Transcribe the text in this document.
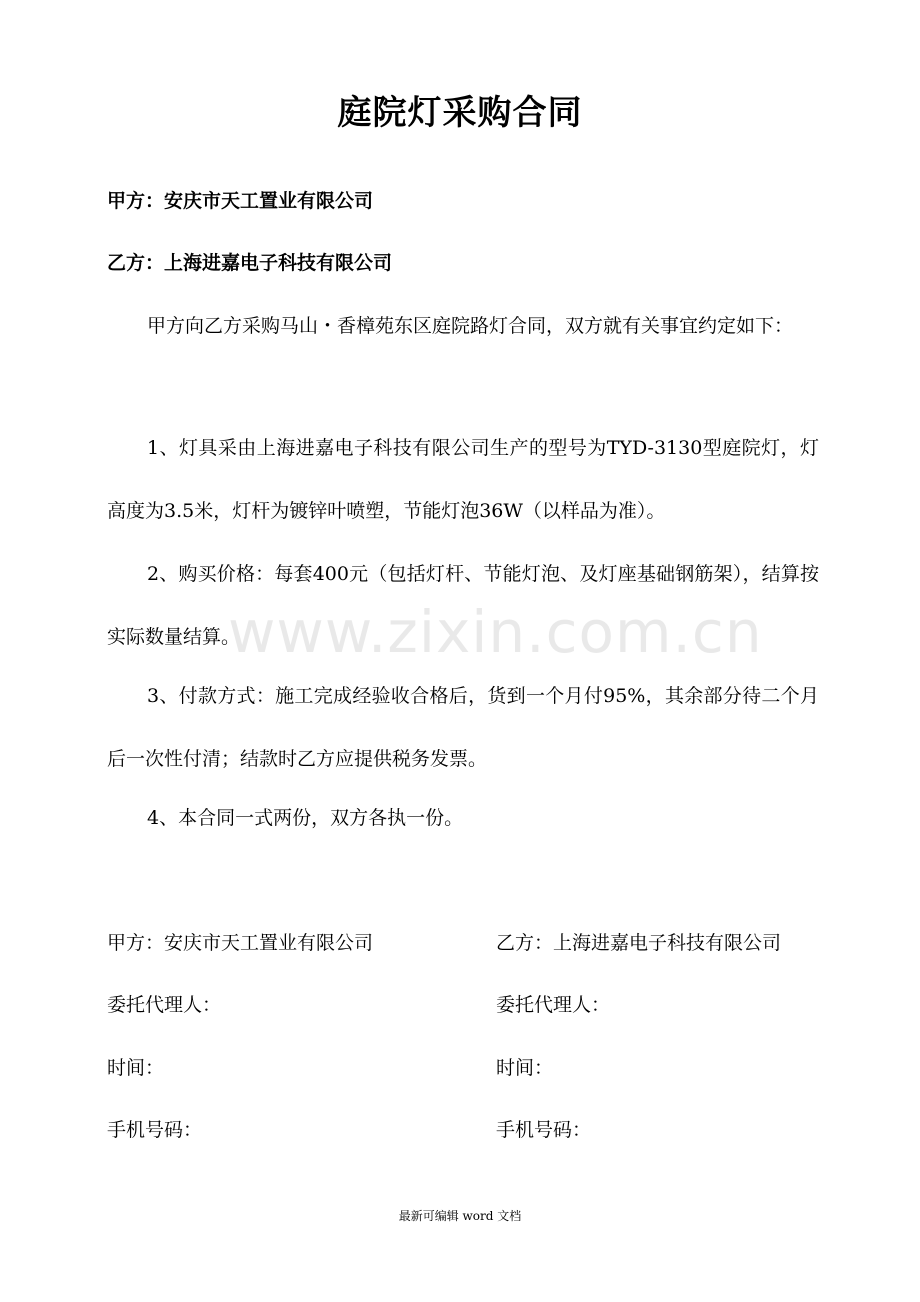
庭院灯采购合同
甲方：安庆市天工置业有限公司
乙方：上海进嘉电子科技有限公司
甲方向乙方采购马山・香樟苑东区庭院路灯合同，双方就有关事宜约定如下：
1、灯具采由上海进嘉电子科技有限公司生产的型号为TYD-3130型庭院灯，灯高度为3.5米，灯杆为镀锌叶喷塑，节能灯泡36W（以样品为准）。
2、购买价格：每套400元（包括灯杆、节能灯泡、及灯座基础钢筋架），结算按实际数量结算。
3、付款方式：施工完成经验收合格后，货到一个月付95%，其余部分待二个月后一次性付清；结款时乙方应提供税务发票。
4、本合同一式两份，双方各执一份。
www.zixin.com.cn
甲方：安庆市天工置业有限公司	乙方：上海进嘉电子科技有限公司
委托代理人：	委托代理人：
时间：	时间：
手机号码：	手机号码：
最新可编辑 word 文档
